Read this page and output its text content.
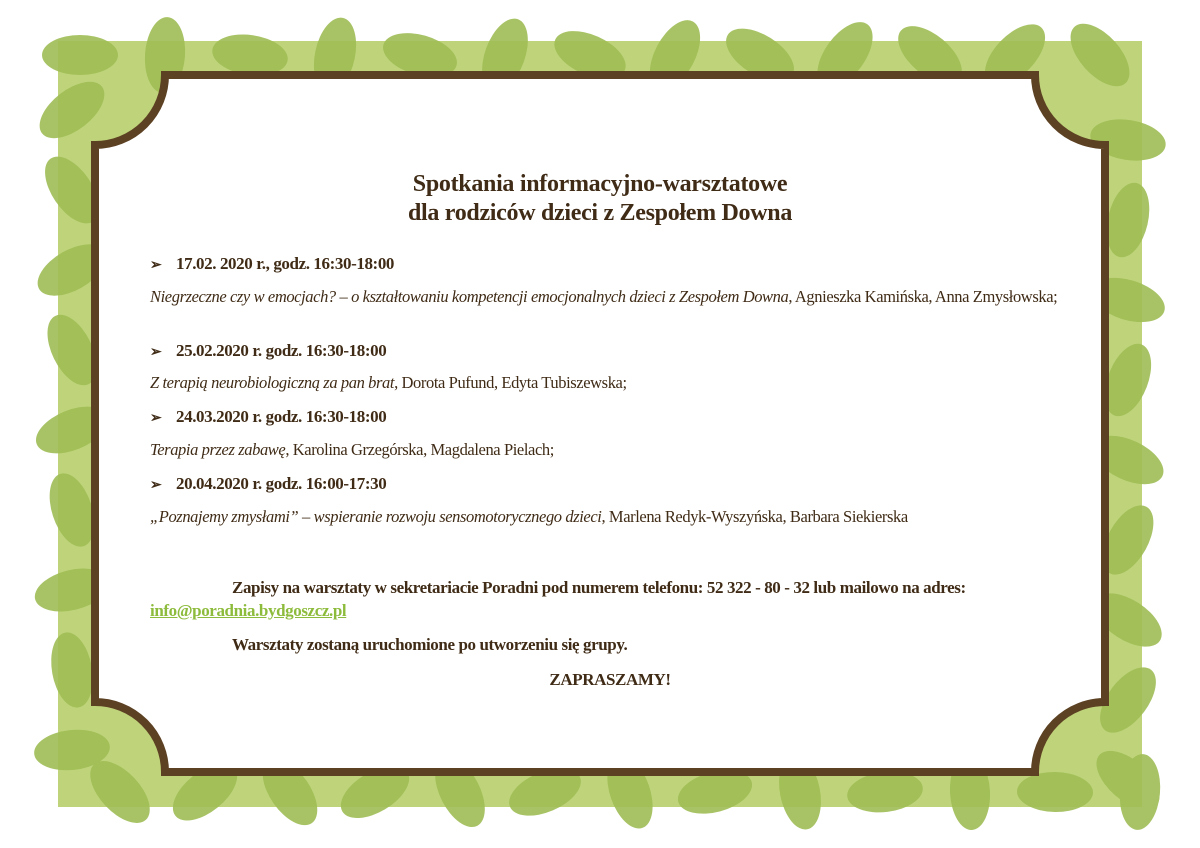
Spotkania informacyjno-warsztatowe
dla rodziców dzieci z Zespołem Downa
➢ 17.02. 2020 r., godz. 16:30-18:00
Niegrzeczne czy w emocjach? – o kształtowaniu kompetencji emocjonalnych dzieci z Zespołem Downa, Agnieszka Kamińska, Anna Zmysłowska;
➢ 25.02.2020 r. godz. 16:30-18:00
Z terapią neurobiologiczną za pan brat, Dorota Pufund, Edyta Tubiszewska;
➢ 24.03.2020 r. godz. 16:30-18:00
Terapia przez zabawę, Karolina Grzegórska, Magdalena Pielach;
➢ 20.04.2020 r. godz. 16:00-17:30
„Poznajemy zmysłami” – wspieranie rozwoju sensomotorycznego dzieci, Marlena Redyk-Wyszyńska, Barbara Siekierska
Zapisy na warsztaty w sekretariacie Poradni pod numerem telefonu: 52 322 - 80 - 32 lub mailowo na adres: info@poradnia.bydgoszcz.pl
Warsztaty zostaną uruchomione po utworzeniu się grupy.
ZAPRASZAMY!
